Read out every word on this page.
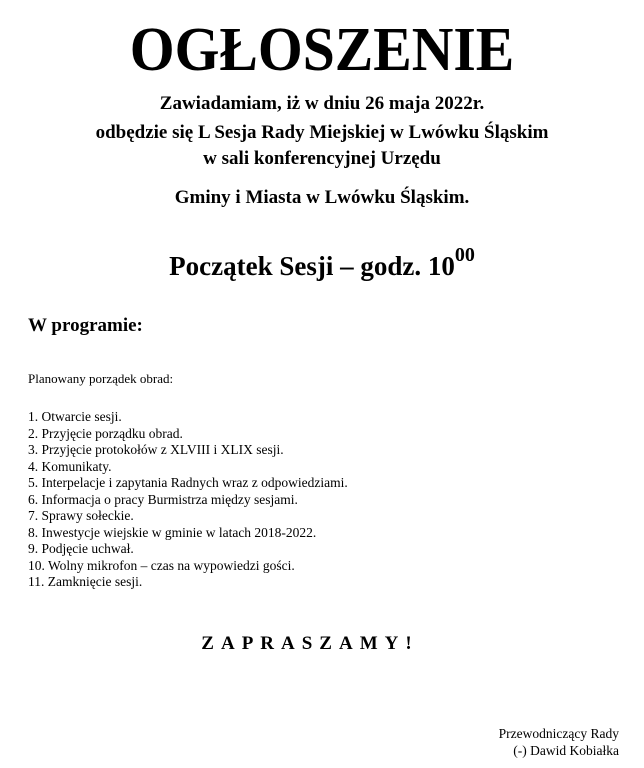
OGŁOSZENIE
Zawiadamiam, iż w dniu 26 maja 2022r.
odbędzie się L Sesja Rady Miejskiej w Lwówku Śląskim
w sali konferencyjnej Urzędu
Gminy i Miasta w Lwówku Śląskim.
Początek Sesji – godz. $10^{00}$
W programie:
Planowany porządek obrad:
1. Otwarcie sesji.
2. Przyjęcie porządku obrad.
3. Przyjęcie protokołów z XLVIII i XLIX sesji.
4. Komunikaty.
5. Interpelacje i zapytania Radnych wraz z odpowiedziami.
6. Informacja o pracy Burmistrza między sesjami.
7. Sprawy sołeckie.
8. Inwestycje wiejskie w gminie w latach 2018-2022.
9. Podjęcie uchwał.
10. Wolny mikrofon – czas na wypowiedzi gości.
11. Zamknięcie sesji.
ZAPRASZAMY!
Przewodniczący Rady
(-) Dawid Kobiałka
